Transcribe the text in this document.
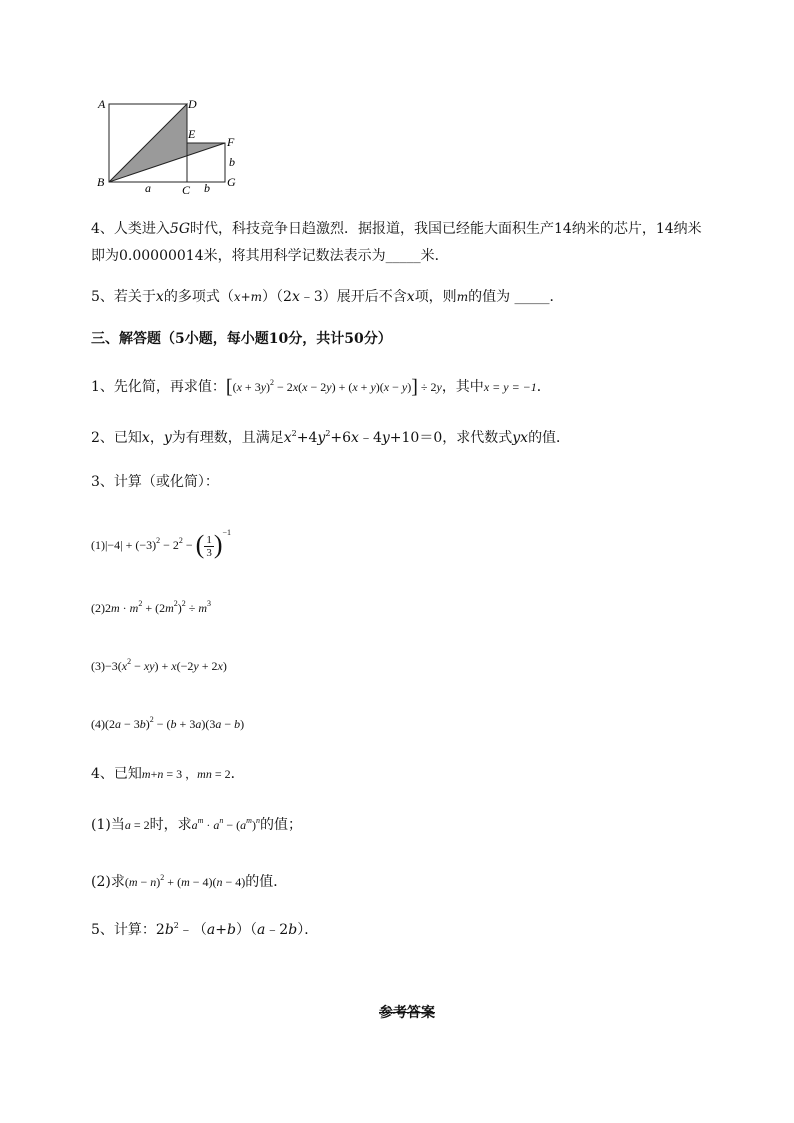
A	D
E
F
b
B	a	C b G
4、人类进入5G时代，科技竞争日趋激烈．据报道，我国已经能大面积生产14纳米的芯片，14纳米
即为0.00000014米，将其用科学记数法表示为_____米．
5、若关于x的多项式（x+m）（2x﹣3）展开后不含x项，则m的值为 _____．
三、解答题（5小题，每小题10分，共计50分）
1、先化简，再求值：$[(x + 3y)^2 - 2x(x - 2y) + (x + y)(x - y)] \div 2y$，其中x = y = −1．
2、已知x，y为有理数，且满足$x^2+4y^2+6x﹣4y+10=0$，求代数式yx的值．
3、计算（或化简）：
$(1)|-4| + (-3)^2 - 2^2$ − ( $\frac{1}{3} )^{-1}$
$(2)2m \cdot m^2 + (2m^2)^2 \div m^3$
$(3)-3(x^2 - xy) + x(-2y + 2x)$
$(4)(2a - 3b)^2 - (b + 3a)(3a - b)$
4、已知m+n = 3 ，mn = 2．
(1)当a = 2时，求$a^m \cdot a^n - (a^m)^n$的值；
(2)求$(m - n)^2 + (m - 4)(n - 4)$的值．
5、计算：$2b^2﹣(a+b)(a﹣2b)$．
参考答案
